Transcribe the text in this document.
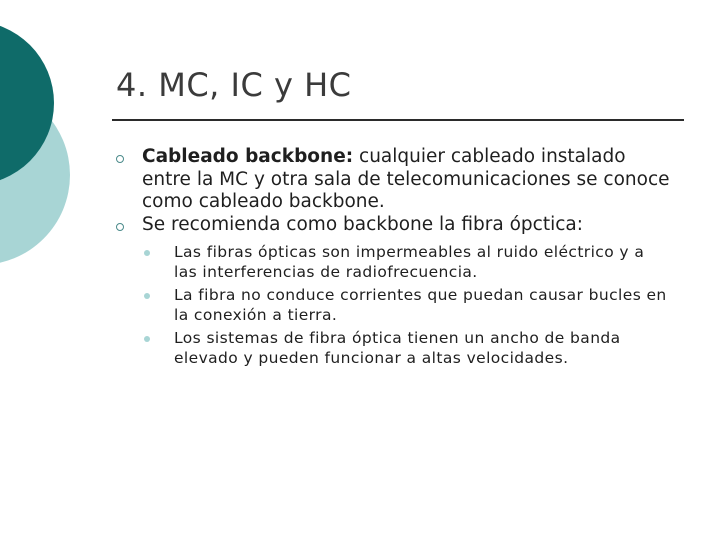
4. MC, IC y HC
Cableado backbone: cualquier cableado instalado entre la MC y otra sala de telecomunicaciones se conoce como cableado backbone.
Se recomienda como backbone la fibra ópctica:
Las fibras ópticas son impermeables al ruido eléctrico y a las interferencias de radiofrecuencia.
La fibra no conduce corrientes que puedan causar bucles en la conexión a tierra.
Los sistemas de fibra óptica tienen un ancho de banda elevado y pueden funcionar a altas velocidades.
